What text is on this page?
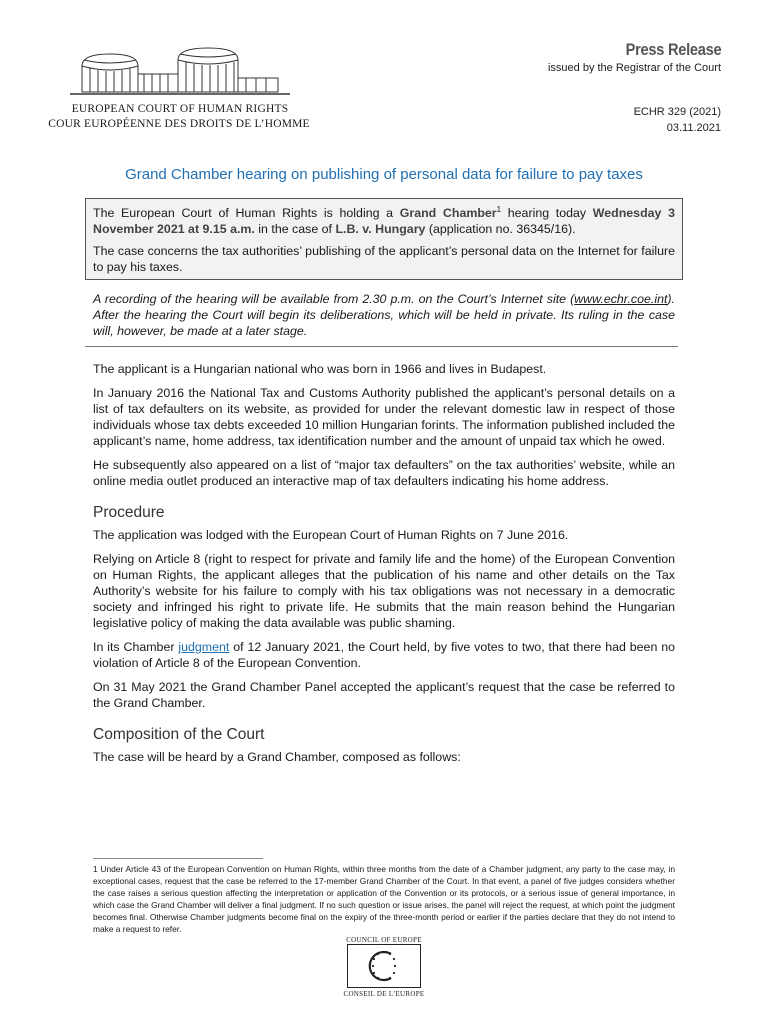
EUROPEAN COURT OF HUMAN RIGHTS
COUR EUROPÉENNE DES DROITS DE L’HOMME
Press Release
issued by the Registrar of the Court
ECHR 329 (2021)
03.11.2021
Grand Chamber hearing on publishing of personal data for failure to pay taxes

The European Court of Human Rights is holding a Grand Chamber$^1$ hearing today Wednesday 3 November 2021 at 9.15 a.m. in the case of L.B. v. Hungary (application no. 36345/16).

The case concerns the tax authorities’ publishing of the applicant’s personal data on the Internet for failure to pay his taxes.

A recording of the hearing will be available from 2.30 p.m. on the Court’s Internet site (www.echr.coe.int). After the hearing the Court will begin its deliberations, which will be held in private. Its ruling in the case will, however, be made at a later stage.

The applicant is a Hungarian national who was born in 1966 and lives in Budapest.

In January 2016 the National Tax and Customs Authority published the applicant’s personal details on a list of tax defaulters on its website, as provided for under the relevant domestic law in respect of those individuals whose tax debts exceeded 10 million Hungarian forints. The information published included the applicant’s name, home address, tax identification number and the amount of unpaid tax which he owed.

He subsequently also appeared on a list of “major tax defaulters” on the tax authorities’ website, while an online media outlet produced an interactive map of tax defaulters indicating his home address.

Procedure

The application was lodged with the European Court of Human Rights on 7 June 2016.

Relying on Article 8 (right to respect for private and family life and the home) of the European Convention on Human Rights, the applicant alleges that the publication of his name and other details on the Tax Authority’s website for his failure to comply with his tax obligations was not necessary in a democratic society and infringed his right to private life. He submits that the main reason behind the Hungarian legislative policy of making the data available was public shaming.

In its Chamber judgment of 12 January 2021, the Court held, by five votes to two, that there had been no violation of Article 8 of the European Convention.

On 31 May 2021 the Grand Chamber Panel accepted the applicant’s request that the case be referred to the Grand Chamber.

Composition of the Court

The case will be heard by a Grand Chamber, composed as follows:

1 Under Article 43 of the European Convention on Human Rights, within three months from the date of a Chamber judgment, any party to the case may, in exceptional cases, request that the case be referred to the 17-member Grand Chamber of the Court. In that event, a panel of five judges considers whether the case raises a serious question affecting the interpretation or application of the Convention or its protocols, or a serious issue of general importance, in which case the Grand Chamber will deliver a final judgment. If no such question or issue arises, the panel will reject the request, at which point the judgment becomes final. Otherwise Chamber judgments become final on the expiry of the three-month period or earlier if the parties declare that they do not intend to make a request to refer.
COUNCIL OF EUROPE
CONSEIL DE L’EUROPE
